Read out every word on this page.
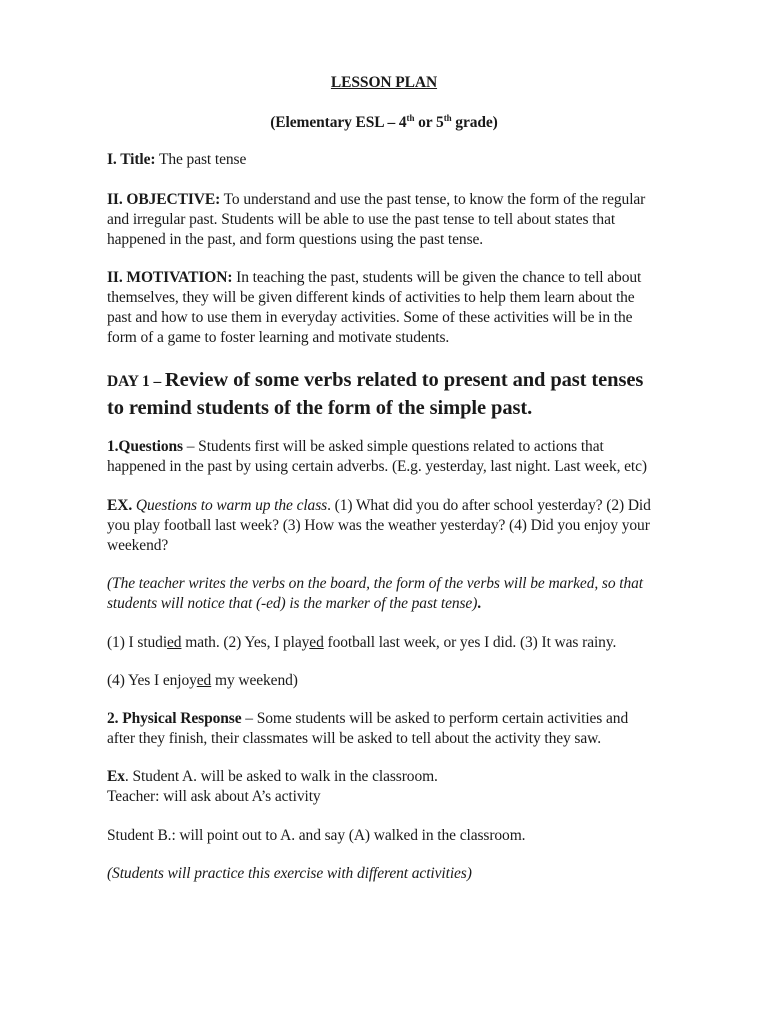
LESSON PLAN

(Elementary ESL – 4th or 5th grade)

I. Title: The past tense

II. OBJECTIVE: To understand and use the past tense, to know the form of the regular

and irregular past. Students will be able to use the past tense to tell about states that

happened in the past, and form questions using the past tense.

II. MOTIVATION: In teaching the past, students will be given the chance to tell about

themselves, they will be given different kinds of activities to help them learn about the

past and how to use them in everyday activities. Some of these activities will be in the

form of a game to foster learning and motivate students.

DAY 1 – Review of some verbs related to present and past tenses

to remind students of the form of the simple past.

1.Questions – Students first will be asked simple questions related to actions that

happened in the past by using certain adverbs. (E.g. yesterday, last night. Last week, etc)

EX. Questions to warm up the class. (1) What did you do after school yesterday? (2) Did

you play football last week? (3) How was the weather yesterday? (4) Did you enjoy your

weekend?

(The teacher writes the verbs on the board, the form of the verbs will be marked, so that

students will notice that (-ed) is the marker of the past tense).

(1) I studied math. (2) Yes, I played football last week, or yes I did. (3) It was rainy.

(4) Yes I enjoyed my weekend)

2. Physical Response – Some students will be asked to perform certain activities and

after they finish, their classmates will be asked to tell about the activity they saw.

Ex. Student A. will be asked to walk in the classroom.

Teacher: will ask about A’s activity

Student B.: will point out to A. and say (A) walked in the classroom.

(Students will practice this exercise with different activities)
